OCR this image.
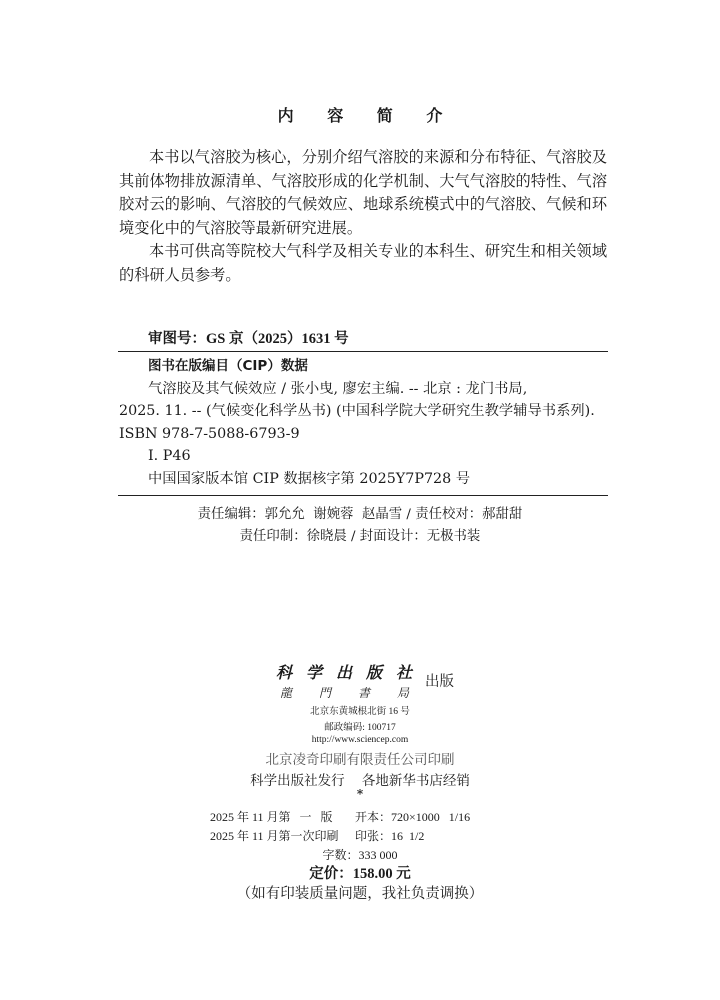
内 容 简 介

本书以气溶胶为核心，分别介绍气溶胶的来源和分布特征、气溶胶及其前体物排放源清单、气溶胶形成的化学机制、大气气溶胶的特性、气溶胶对云的影响、气溶胶的气候效应、地球系统模式中的气溶胶、气候和环境变化中的气溶胶等最新研究进展。

本书可供高等院校大气科学及相关专业的本科生、研究生和相关领域的科研人员参考。

审图号：GS 京（2025）1631 号
图书在版编目（CIP）数据
气溶胶及其气候效应 / 张小曳, 廖宏主编. -- 北京 : 龙门书局,
2025. 11. -- (气候变化科学丛书) (中国科学院大学研究生教学辅导书系列).
ISBN 978-7-5088-6793-9
Ⅰ. P46
中国国家版本馆 CIP 数据核字第 2025Y7P728 号
责任编辑：郭允允  谢婉蓉  赵晶雪 / 责任校对：郝甜甜
责任印制：徐晓晨 / 封面设计：无极书装
科学出版社
龍門書局
出版
北京东黄城根北街 16 号
邮政编码: 100717
http://www.sciencep.com
北京凌奇印刷有限责任公司印刷
科学出版社发行    各地新华书店经销
*
2025 年 11 月第   一   版 开本：720×1000   1/16
2025 年 11 月第一次印刷 印张：16  1/2
字数：333 000
定价：158.00 元
（如有印装质量问题，我社负责调换）
